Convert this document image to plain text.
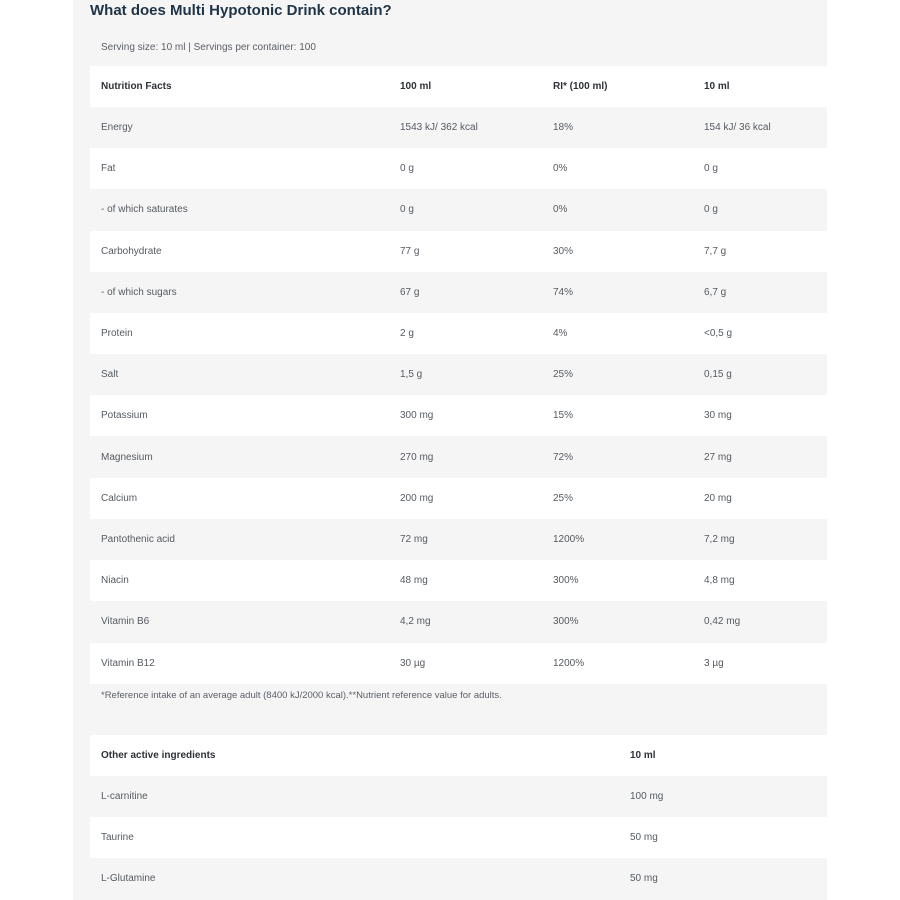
What does Multi Hypotonic Drink contain?
Serving size: 10 ml | Servings per container: 100
Nutrition Facts	100 ml	RI* (100 ml)	10 ml
Energy	1543 kJ/ 362 kcal	18%	154 kJ/ 36 kcal
Fat	0 g	0%	0 g
- of which saturates	0 g	0%	0 g
Carbohydrate	77 g	30%	7,7 g
- of which sugars	67 g	74%	6,7 g
Protein	2 g	4%	<0,5 g
Salt	1,5 g	25%	0,15 g
Potassium	300 mg	15%	30 mg
Magnesium	270 mg	72%	27 mg
Calcium	200 mg	25%	20 mg
Pantothenic acid	72 mg	1200%	7,2 mg
Niacin	48 mg	300%	4,8 mg
Vitamin B6	4,2 mg	300%	0,42 mg
Vitamin B12	30 µg	1200%	3 µg
*Reference intake of an average adult (8400 kJ/2000 kcal).**Nutrient reference value for adults.
Other active ingredients	10 ml
L-carnitine	100 mg
Taurine	50 mg
L-Glutamine	50 mg
